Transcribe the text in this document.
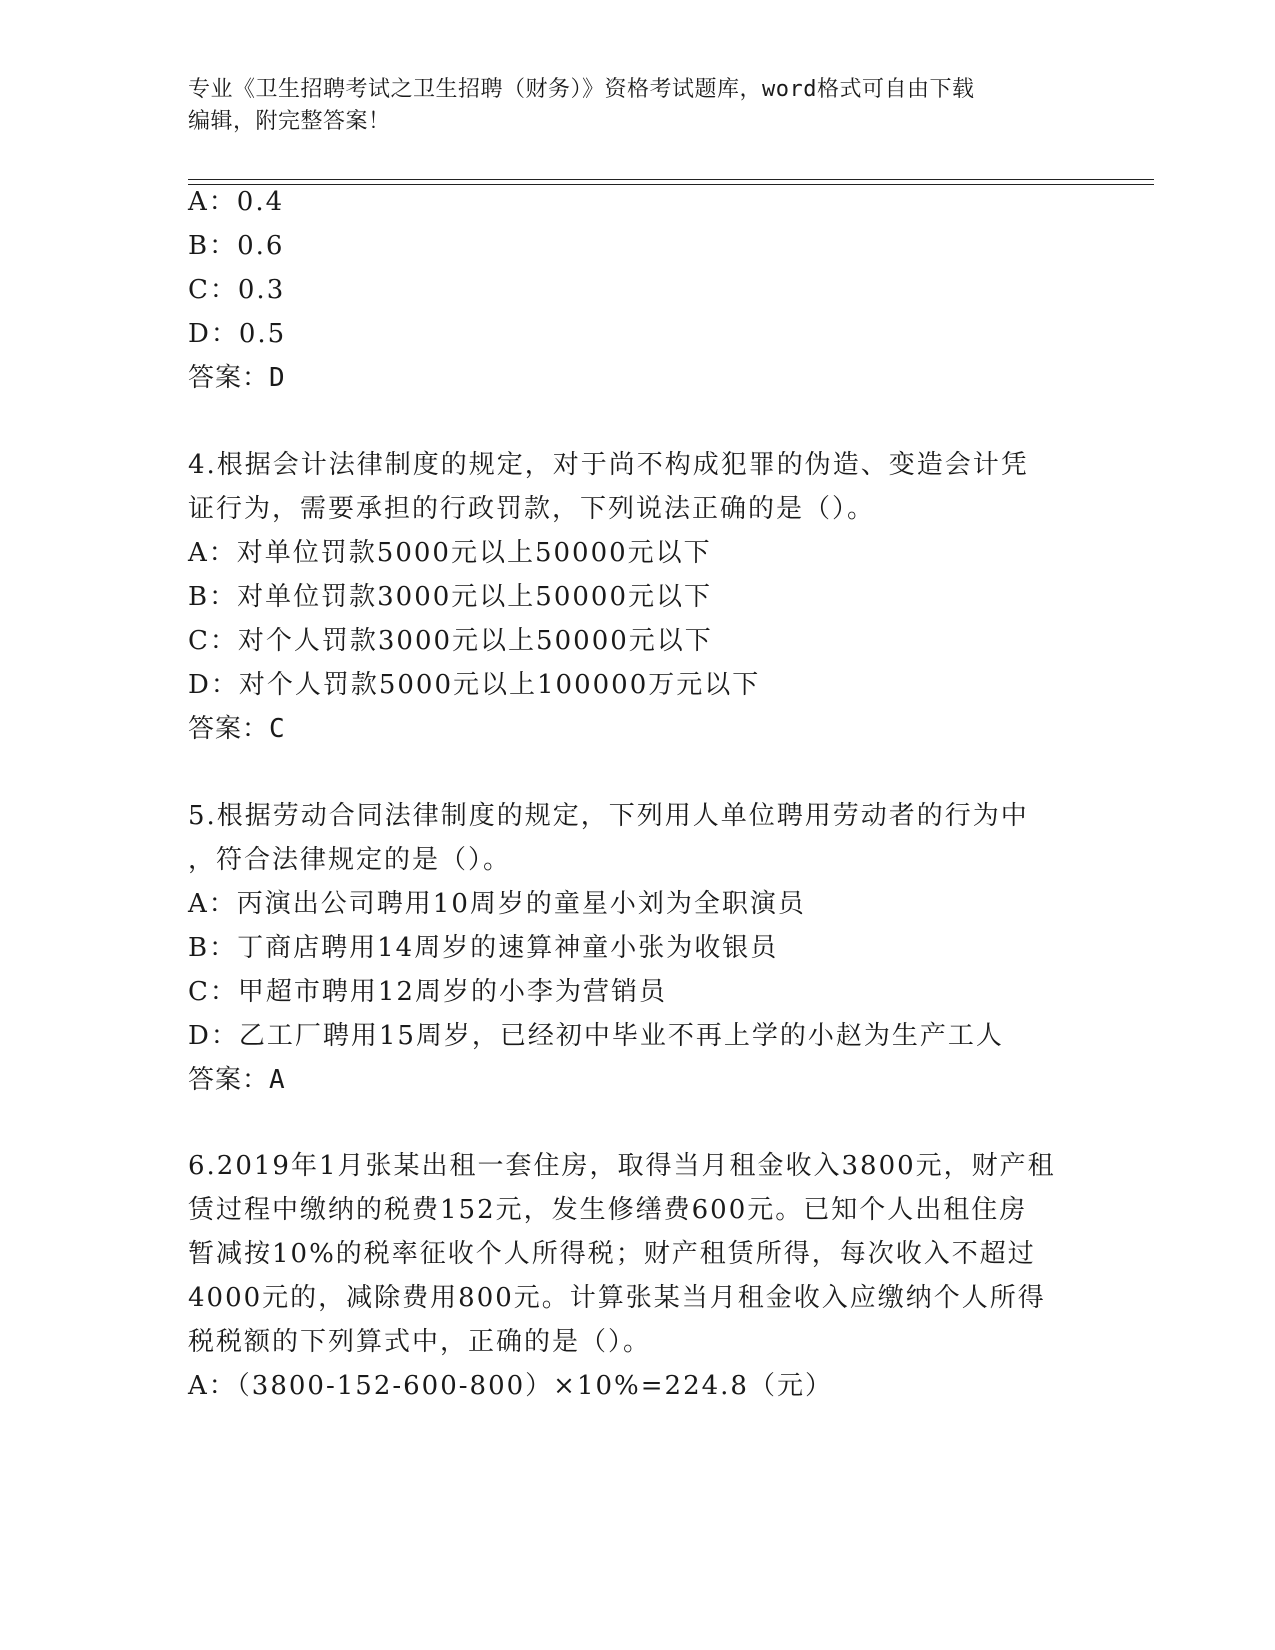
专业《卫生招聘考试之卫生招聘（财务）》资格考试题库，word格式可自由下载
编辑，附完整答案！
A：0.4
B：0.6
C：0.3
D：0.5
答案：D
4.根据会计法律制度的规定，对于尚不构成犯罪的伪造、变造会计凭
证行为，需要承担的行政罚款，下列说法正确的是（）。
A：对单位罚款5000元以上50000元以下
B：对单位罚款3000元以上50000元以下
C：对个人罚款3000元以上50000元以下
D：对个人罚款5000元以上100000万元以下
答案：C
5.根据劳动合同法律制度的规定，下列用人单位聘用劳动者的行为中
，符合法律规定的是（）。
A：丙演出公司聘用10周岁的童星小刘为全职演员
B：丁商店聘用14周岁的速算神童小张为收银员
C：甲超市聘用12周岁的小李为营销员
D：乙工厂聘用15周岁，已经初中毕业不再上学的小赵为生产工人
答案：A
6.2019年1月张某出租一套住房，取得当月租金收入3800元，财产租
赁过程中缴纳的税费152元，发生修缮费600元。已知个人出租住房
暂减按10%的税率征收个人所得税；财产租赁所得，每次收入不超过
4000元的，减除费用800元。计算张某当月租金收入应缴纳个人所得
税税额的下列算式中，正确的是（）。
A：（3800-152-600-800）×10%=224.8（元）
